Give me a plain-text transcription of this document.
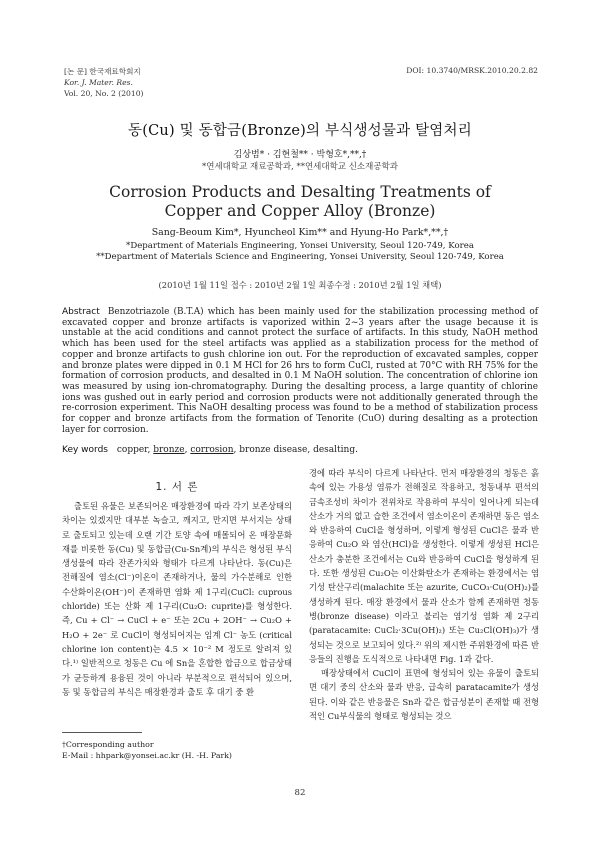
[논 문] 한국재료학회지
Kor. J. Mater. Res.
Vol. 20, No. 2 (2010)
DOI: 10.3740/MRSK.2010.20.2.82
동(Cu) 및 동합금(Bronze)의 부식생성물과 탈염처리
김상범* · 김현철** · 박형호*,**,†
*연세대학교 재료공학과, **연세대학교 신소재공학과
Corrosion Products and Desalting Treatments of
Copper and Copper Alloy (Bronze)
Sang-Beoum Kim*, Hyuncheol Kim** and Hyung-Ho Park*,**,†
*Department of Materials Engineering, Yonsei University, Seoul 120-749, Korea
**Department of Materials Science and Engineering, Yonsei University, Seoul 120-749, Korea
(2010년 1월 11일 접수 : 2010년 2월 1일 최종수정 : 2010년 2월 1일 채택)
Abstract Benzotriazole (B.T.A) which has been mainly used for the stabilization processing method of excavated copper and bronze artifacts is vaporized within 2~3 years after the usage because it is unstable at the acid conditions and cannot protect the surface of artifacts. In this study, NaOH method which has been used for the steel artifacts was applied as a stabilization process for the method of copper and bronze artifacts to gush chlorine ion out. For the reproduction of excavated samples, copper and bronze plates were dipped in 0.1 M HCl for 26 hrs to form CuCl, rusted at 70°C with RH 75% for the formation of corrosion products, and desalted in 0.1 M NaOH solution. The concentration of chlorine ion was measured by using ion-chromatography. During the desalting process, a large quantity of chlorine ions was gushed out in early period and corrosion products were not additionally generated through the re-corrosion experiment. This NaOH desalting process was found to be a method of stabilization process for copper and bronze artifacts from the formation of Tenorite (CuO) during desalting as a protection layer for corrosion.
Key words copper, bronze, corrosion, bronze disease, desalting.
1. 서 론

출토된 유물은 보존되어온 매장환경에 따라 각기 보존상태의 차이는 있겠지만 대부분 녹슬고, 깨지고, 만지면 부서지는 상태로 출토되고 있는데 오랜 기간 토양 속에 매몰되어 온 매장문화재를 비롯한 동(Cu) 및 동합금(Cu-Sn계)의 부식은 형성된 부식생성물에 따라 잔존가치와 형태가 다르게 나타난다. 동(Cu)은 전해질에 염소(Cl⁻)이온이 존재하거나, 물의 가수분해로 인한 수산화이온(OH⁻)이 존재하면 염화 제 1구리(CuCl: cuprous chloride) 또는 산화 제 1구리(Cu₂O: cuprite)를 형성한다. 즉, Cu + Cl⁻ → CuCl + e⁻ 또는 2Cu + 2OH⁻ → Cu₂O + H₂O + 2e⁻ 로 CuCl이 형성되어지는 임계 Cl⁻ 농도 (critical chlorine ion content)는 4.5 × 10⁻² M 정도로 알려져 있다.¹⁾ 일반적으로 청동은 Cu 에 Sn을 혼합한 합금으로 합금상태가 균등하게 용융된 것이 아니라 부분적으로 편석되어 있으며, 동 및 동합금의 부식은 매장환경과 출토 후 대기 중 환

경에 따라 부식이 다르게 나타난다. 먼저 매장환경의 청동은 흙 속에 있는 가용성 염류가 전해질로 작용하고, 청동내부 편석의 금속조성비 차이가 전위차로 작용하여 부식이 일어나게 되는데 산소가 거의 없고 습한 조건에서 염소이온이 존재하면 동은 염소와 반응하여 CuCl을 형성하며, 이렇게 형성된 CuCl은 물과 반응하여 Cu₂O 와 염산(HCl)을 생성한다. 이렇게 생성된 HCl은 산소가 충분한 조건에서는 Cu와 반응하여 CuCl을 형성하게 된다. 또한 생성된 Cu₂O는 이산화탄소가 존재하는 환경에서는 염기성 탄산구리(malachite 또는 azurite, CuCO₃·Cu(OH)₂)를 생성하게 된다. 매장 환경에서 물과 산소가 함께 존재하면 청동병(bronze disease) 이라고 불리는 염기성 염화 제 2구리(paratacamite: CuCl₂·3Cu(OH)₂) 또는 Cu₂Cl(OH)₃)가 생성되는 것으로 보고되어 있다.²⁾ 위의 제시한 주위환경에 따른 반응들의 진행을 도식적으로 나타내면 Fig. 1과 같다.

매장상태에서 CuCl이 표면에 형성되어 있는 유물이 출토되면 대기 중의 산소와 물과 반응, 급속히 paratacamite가 생성된다. 이와 같은 반응물은 Sn과 같은 합금성분이 존재할 때 전형적인 Cu부식물의 형태로 형성되는 것으

†Corresponding author
E-Mail : hhpark@yonsei.ac.kr (H. -H. Park)
82
